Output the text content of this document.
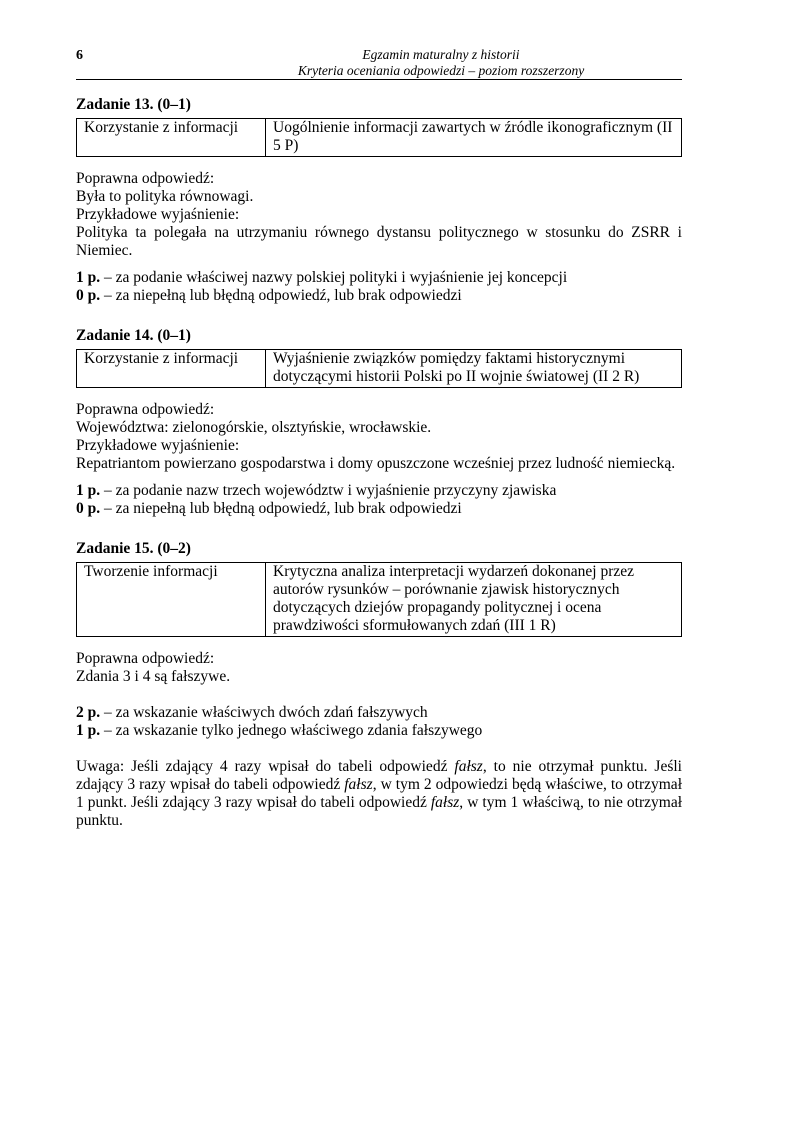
6	Egzamin maturalny z historii
Kryteria oceniania odpowiedzi – poziom rozszerzony

Zadanie 13. (0–1)

Korzystanie z informacji	Uogólnienie informacji zawartych w źródle ikonograficznym (II 5 P)

Poprawna odpowiedź:

Była to polityka równowagi.

Przykładowe wyjaśnienie:

Polityka ta polegała na utrzymaniu równego dystansu politycznego w stosunku do ZSRR i Niemiec.

1 p. – za podanie właściwej nazwy polskiej polityki i wyjaśnienie jej koncepcji

0 p. – za niepełną lub błędną odpowiedź, lub brak odpowiedzi

Zadanie 14. (0–1)

Korzystanie z informacji	Wyjaśnienie związków pomiędzy faktami historycznymi dotyczącymi historii Polski po II wojnie światowej (II 2 R)

Poprawna odpowiedź:

Województwa: zielonogórskie, olsztyńskie, wrocławskie.

Przykładowe wyjaśnienie:

Repatriantom powierzano gospodarstwa i domy opuszczone wcześniej przez ludność niemiecką.

1 p. – za podanie nazw trzech województw i wyjaśnienie przyczyny zjawiska

0 p. – za niepełną lub błędną odpowiedź, lub brak odpowiedzi

Zadanie 15. (0–2)

Tworzenie informacji	Krytyczna analiza interpretacji wydarzeń dokonanej przez autorów rysunków – porównanie zjawisk historycznych dotyczących dziejów propagandy politycznej i ocena prawdziwości sformułowanych zdań (III 1 R)

Poprawna odpowiedź:

Zdania 3 i 4 są fałszywe.

2 p. – za wskazanie właściwych dwóch zdań fałszywych

1 p. – za wskazanie tylko jednego właściwego zdania fałszywego

Uwaga: Jeśli zdający 4 razy wpisał do tabeli odpowiedź fałsz, to nie otrzymał punktu. Jeśli zdający 3 razy wpisał do tabeli odpowiedź fałsz, w tym 2 odpowiedzi będą właściwe, to otrzymał 1 punkt. Jeśli zdający 3 razy wpisał do tabeli odpowiedź fałsz, w tym 1 właściwą, to nie otrzymał punktu.
